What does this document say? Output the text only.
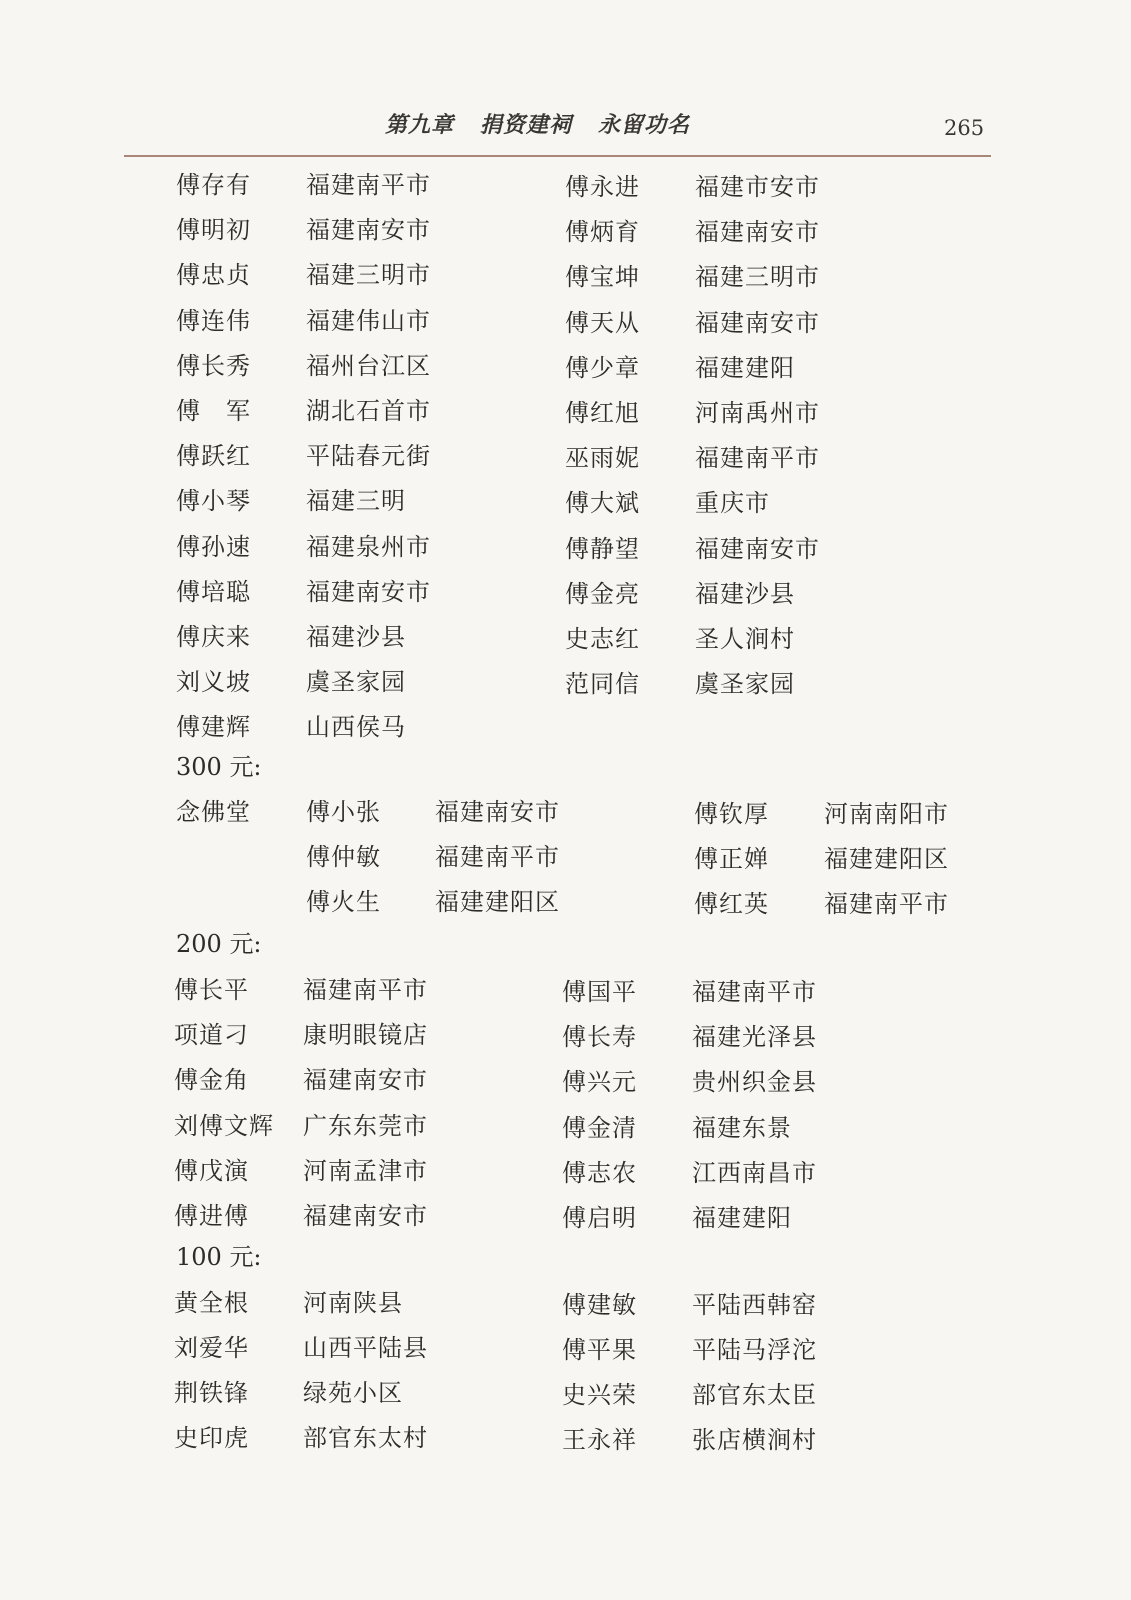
第九章   捐资建祠   永留功名	265
傅存有 福建南平市	傅永进 福建市安市
傅明初 福建南安市	傅炳育 福建南安市
傅忠贞 福建三明市	傅宝坤 福建三明市
傅连伟 福建伟山市	傅天从 福建南安市
傅长秀 福州台江区	傅少章 福建建阳
傅　军 湖北石首市	傅红旭 河南禹州市
傅跃红 平陆春元街	巫雨妮 福建南平市
傅小琴 福建三明	傅大斌 重庆市
傅孙速 福建泉州市	傅静望 福建南安市
傅培聪 福建南安市	傅金亮 福建沙县
傅庆来 福建沙县	史志红 圣人涧村
刘义坡 虞圣家园	范同信 虞圣家园
傅建辉 山西侯马
300 元:
念佛堂 傅小张 福建南安市	傅钦厚 河南南阳市
傅仲敏 福建南平市	傅正婵 福建建阳区
傅火生 福建建阳区	傅红英 福建南平市
200 元:
傅长平 福建南平市	傅国平 福建南平市
项道刁 康明眼镜店	傅长寿 福建光泽县
傅金角 福建南安市	傅兴元 贵州织金县
刘傅文辉 广东东莞市	傅金清 福建东景
傅戊演 河南孟津市	傅志农 江西南昌市
傅进傅 福建南安市	傅启明 福建建阳
100 元:
黄全根 河南陕县	傅建敏 平陆西韩窑
刘爱华 山西平陆县	傅平果 平陆马浮沱
荆铁锋 绿苑小区	史兴荣 部官东太臣
史印虎 部官东太村	王永祥 张店横涧村
